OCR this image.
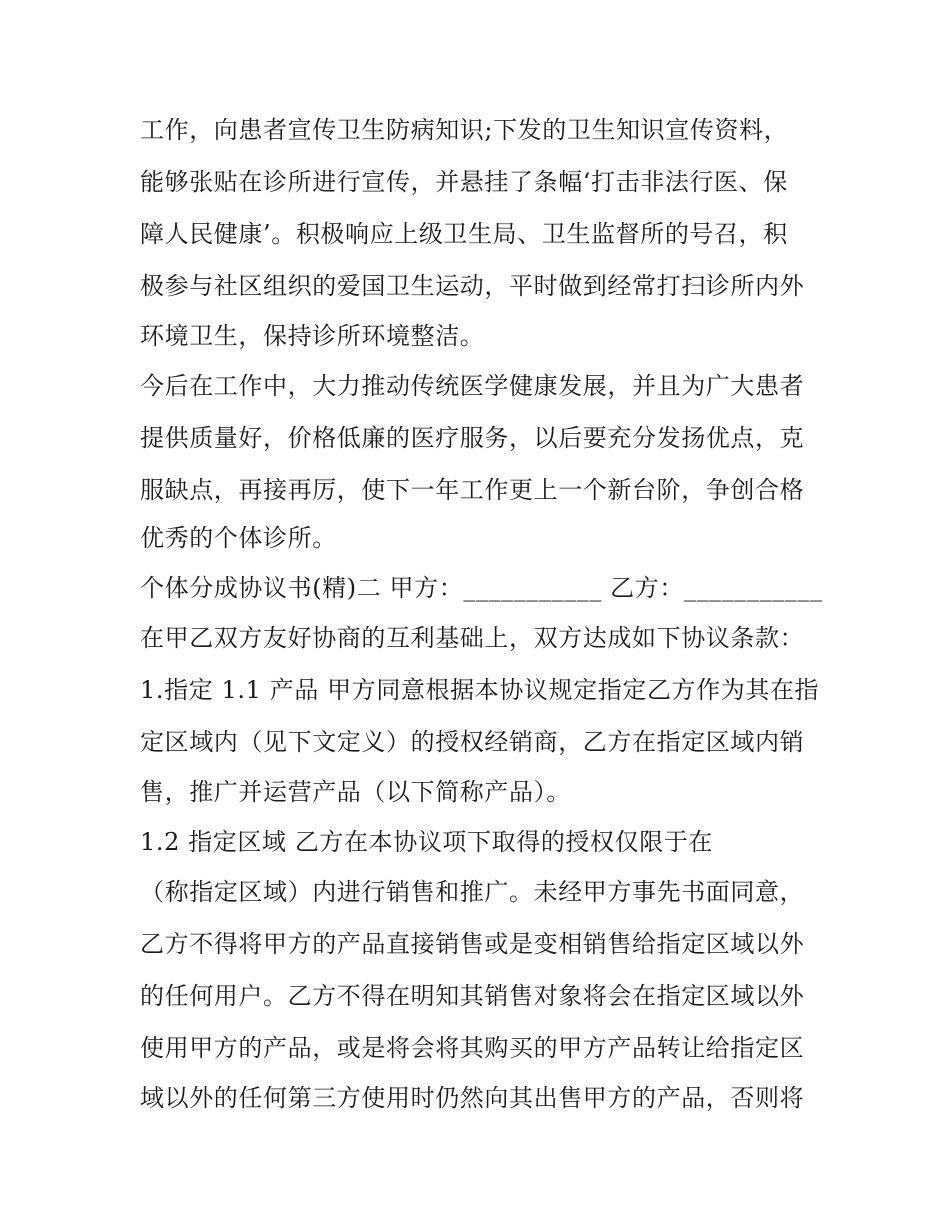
工作，向患者宣传卫生防病知识;下发的卫生知识宣传资料，
能够张贴在诊所进行宣传，并悬挂了条幅‘打击非法行医、保
障人民健康’。积极响应上级卫生局、卫生监督所的号召，积
极参与社区组织的爱国卫生运动，平时做到经常打扫诊所内外
环境卫生，保持诊所环境整洁。
今后在工作中，大力推动传统医学健康发展，并且为广大患者
提供质量好，价格低廉的医疗服务，以后要充分发扬优点，克
服缺点，再接再厉，使下一年工作更上一个新台阶，争创合格
优秀的个体诊所。
个体分成协议书(精)二 甲方：___________ 乙方：___________
在甲乙双方友好协商的互利基础上，双方达成如下协议条款：
1.指定 1.1 产品 甲方同意根据本协议规定指定乙方作为其在指
定区域内（见下文定义）的授权经销商，乙方在指定区域内销
售，推广并运营产品（以下简称产品）。
1.2 指定区域 乙方在本协议项下取得的授权仅限于在
（称指定区域）内进行销售和推广。未经甲方事先书面同意，
乙方不得将甲方的产品直接销售或是变相销售给指定区域以外
的任何用户。乙方不得在明知其销售对象将会在指定区域以外
使用甲方的产品，或是将会将其购买的甲方产品转让给指定区
域以外的任何第三方使用时仍然向其出售甲方的产品，否则将
